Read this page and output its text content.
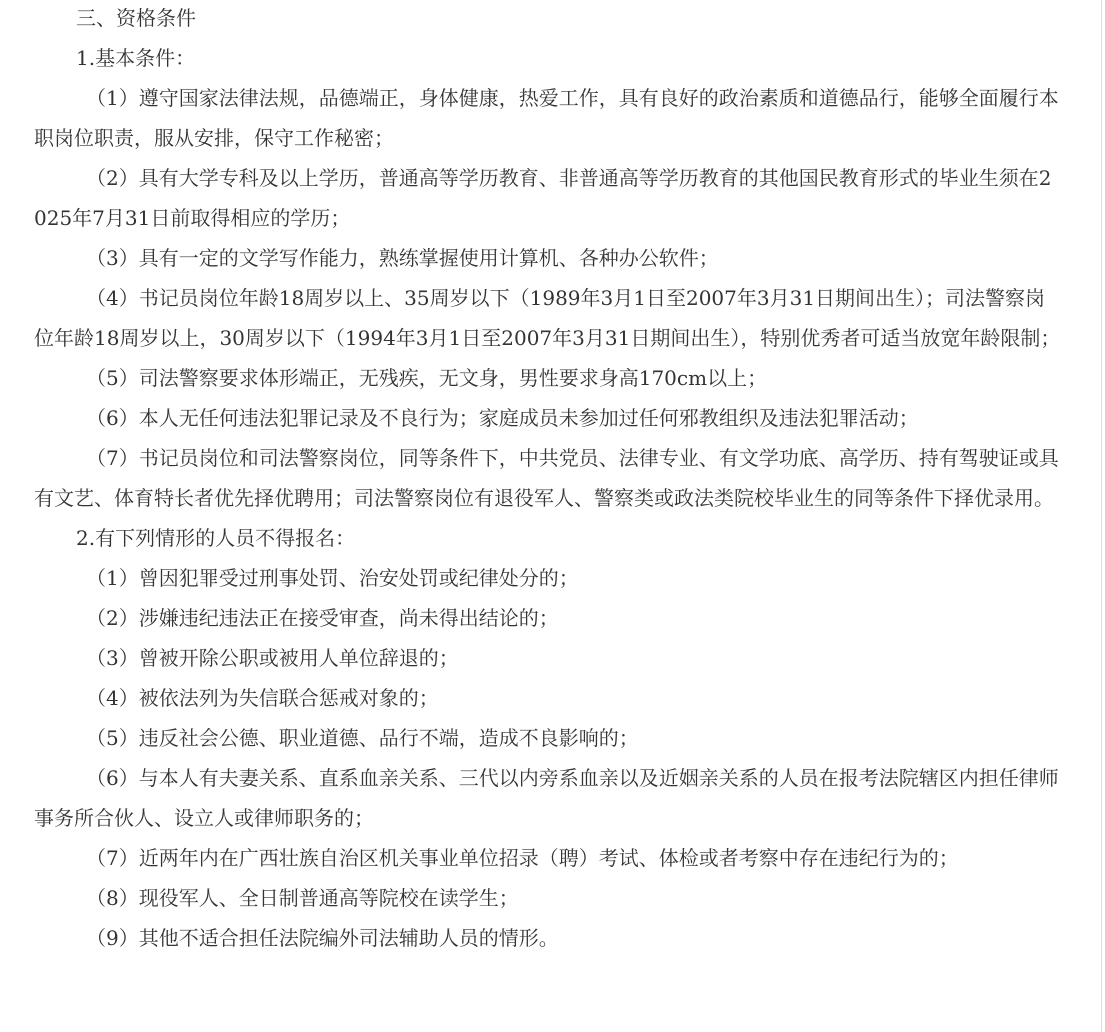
三、资格条件

1.基本条件：

（1）遵守国家法律法规，品德端正，身体健康，热爱工作，具有良好的政治素质和道德品行，能够全面履行本职岗位职责，服从安排，保守工作秘密；

（2）具有大学专科及以上学历，普通高等学历教育、非普通高等学历教育的其他国民教育形式的毕业生须在2025年7月31日前取得相应的学历；

（3）具有一定的文学写作能力，熟练掌握使用计算机、各种办公软件；

（4）书记员岗位年龄18周岁以上、35周岁以下（1989年3月1日至2007年3月31日期间出生）；司法警察岗位年龄18周岁以上，30周岁以下（1994年3月1日至2007年3月31日期间出生），特别优秀者可适当放宽年龄限制；

（5）司法警察要求体形端正，无残疾，无文身，男性要求身高170cm以上；

（6）本人无任何违法犯罪记录及不良行为；家庭成员未参加过任何邪教组织及违法犯罪活动；

（7）书记员岗位和司法警察岗位，同等条件下，中共党员、法律专业、有文学功底、高学历、持有驾驶证或具有文艺、体育特长者优先择优聘用；司法警察岗位有退役军人、警察类或政法类院校毕业生的同等条件下择优录用。

2.有下列情形的人员不得报名：

（1）曾因犯罪受过刑事处罚、治安处罚或纪律处分的；

（2）涉嫌违纪违法正在接受审查，尚未得出结论的；

（3）曾被开除公职或被用人单位辞退的；

（4）被依法列为失信联合惩戒对象的；

（5）违反社会公德、职业道德、品行不端，造成不良影响的；

（6）与本人有夫妻关系、直系血亲关系、三代以内旁系血亲以及近姻亲关系的人员在报考法院辖区内担任律师事务所合伙人、设立人或律师职务的；

（7）近两年内在广西壮族自治区机关事业单位招录（聘）考试、体检或者考察中存在违纪行为的；

（8）现役军人、全日制普通高等院校在读学生；

（9）其他不适合担任法院编外司法辅助人员的情形。
